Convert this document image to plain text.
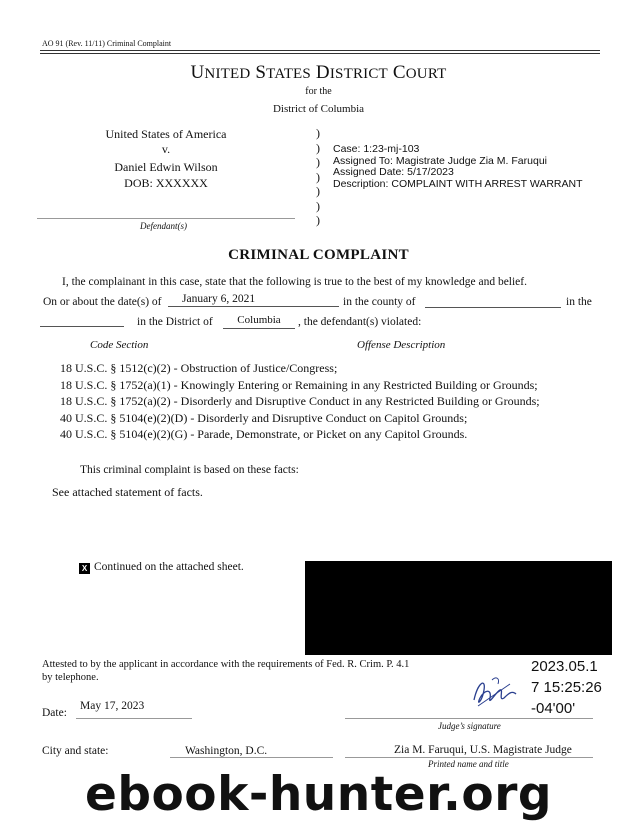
AO 91 (Rev. 11/11) Criminal Complaint
UNITED STATES DISTRICT COURT
for the
District of Columbia
United States of America
v.
Daniel Edwin Wilson
DOB: XXXXXX
)
)
)
)
)
)
)
Case: 1:23-mj-103
Assigned To: Magistrate Judge Zia M. Faruqui
Assigned Date: 5/17/2023
Description: COMPLAINT WITH ARREST WARRANT
Defendant(s)
CRIMINAL COMPLAINT
I, the complainant in this case, state that the following is true to the best of my knowledge and belief.
On or about the date(s) of	January 6, 2021	in the county of	in the
in the District of	Columbia	, the defendant(s) violated:
Code Section	Offense Description
18 U.S.C. § 1512(c)(2) - Obstruction of Justice/Congress;
18 U.S.C. § 1752(a)(1) - Knowingly Entering or Remaining in any Restricted Building or Grounds;
18 U.S.C. § 1752(a)(2) - Disorderly and Disruptive Conduct in any Restricted Building or Grounds;
40 U.S.C. § 5104(e)(2)(D) - Disorderly and Disruptive Conduct on Capitol Grounds;
40 U.S.C. § 5104(e)(2)(G) - Parade, Demonstrate, or Picket on any Capitol Grounds.
This criminal complaint is based on these facts:
See attached statement of facts.
X Continued on the attached sheet.
Attested to by the applicant in accordance with the requirements of Fed. R. Crim. P. 4.1
by telephone.
2023.05.1
7 15:25:26
-04'00'
Date:
May 17, 2023
Judge’s signature
City and state:	Washington, D.C.	Zia M. Faruqui, U.S. Magistrate Judge
Printed name and title
ebook-hunter.org
